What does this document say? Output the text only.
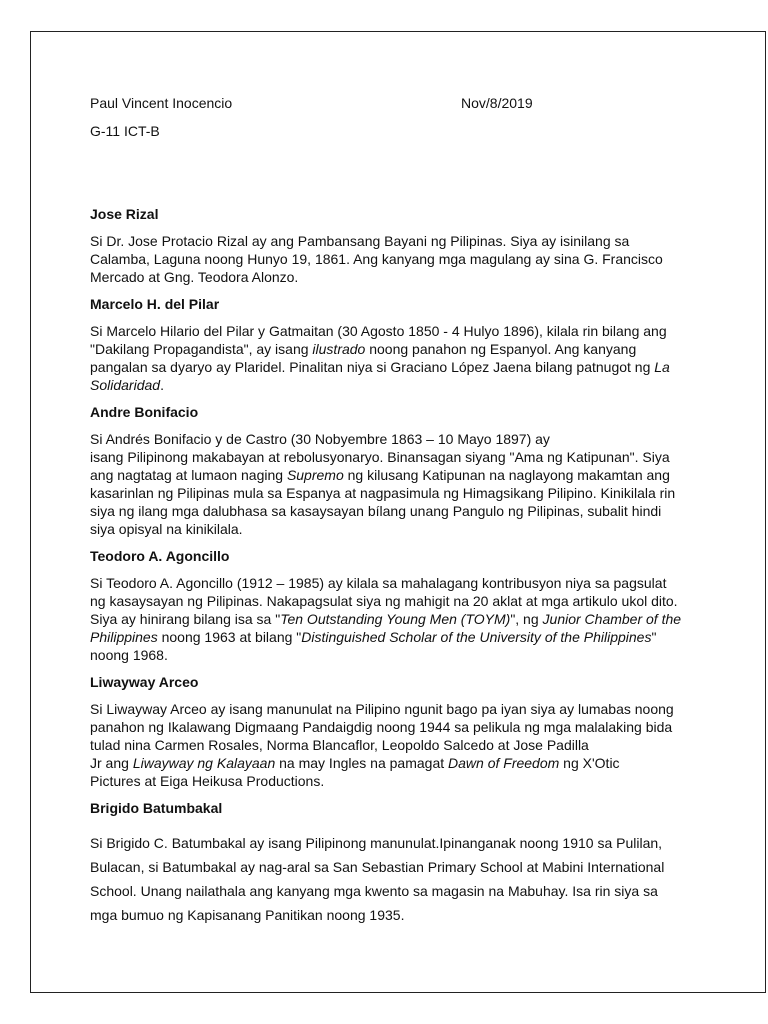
Paul Vincent Inocencio	Nov/8/2019
G-11 ICT-B
Jose Rizal
Si Dr. Jose Protacio Rizal ay ang Pambansang Bayani ng Pilipinas. Siya ay isinilang sa
Calamba, Laguna noong Hunyo 19, 1861. Ang kanyang mga magulang ay sina G. Francisco
Mercado at Gng. Teodora Alonzo.
Marcelo H. del Pilar
Si Marcelo Hilario del Pilar y Gatmaitan (30 Agosto 1850 - 4 Hulyo 1896), kilala rin bilang ang
"Dakilang Propagandista", ay isang ilustrado noong panahon ng Espanyol. Ang kanyang
pangalan sa dyaryo ay Plaridel. Pinalitan niya si Graciano López Jaena bilang patnugot ng La
Solidaridad.
Andre Bonifacio
Si Andrés Bonifacio y de Castro (30 Nobyembre 1863 – 10 Mayo 1897) ay
isang Pilipinong makabayan at rebolusyonaryo. Binansagan siyang "Ama ng Katipunan". Siya
ang nagtatag at lumaon naging Supremo ng kilusang Katipunan na naglayong makamtan ang
kasarinlan ng Pilipinas mula sa Espanya at nagpasimula ng Himagsikang Pilipino. Kinikilala rin
siya ng ilang mga dalubhasa sa kasaysayan bílang unang Pangulo ng Pilipinas, subalit hindi
siya opisyal na kinikilala.
Teodoro A. Agoncillo
Si Teodoro A. Agoncillo (1912 – 1985) ay kilala sa mahalagang kontribusyon niya sa pagsulat
ng kasaysayan ng Pilipinas. Nakapagsulat siya ng mahigit na 20 aklat at mga artikulo ukol dito.
Siya ay hinirang bilang isa sa "Ten Outstanding Young Men (TOYM)", ng Junior Chamber of the
Philippines noong 1963 at bilang "Distinguished Scholar of the University of the Philippines"
noong 1968.
Liwayway Arceo
Si Liwayway Arceo ay isang manunulat na Pilipino ngunit bago pa iyan siya ay lumabas noong
panahon ng Ikalawang Digmaang Pandaigdig noong 1944 sa pelikula ng mga malalaking bida
tulad nina Carmen Rosales, Norma Blancaflor, Leopoldo Salcedo at Jose Padilla
Jr ang Liwayway ng Kalayaan na may Ingles na pamagat Dawn of Freedom ng X'Otic
Pictures at Eiga Heikusa Productions.
Brigido Batumbakal
Si Brigido C. Batumbakal ay isang Pilipinong manunulat.Ipinanganak noong 1910 sa Pulilan,
Bulacan, si Batumbakal ay nag-aral sa San Sebastian Primary School at Mabini International
School. Unang nailathala ang kanyang mga kwento sa magasin na Mabuhay. Isa rin siya sa
mga bumuo ng Kapisanang Panitikan noong 1935.
